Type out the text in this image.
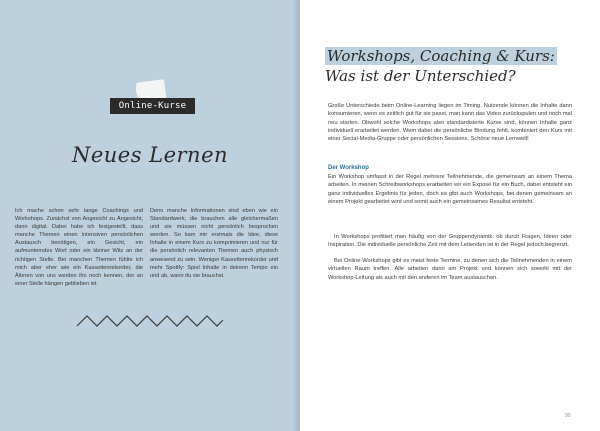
Online-Kurse
Neues Lernen
Ich mache schon sehr lange Coachings und Workshops. Zunächst von Angesicht zu Angesicht, dann digital. Dabei habe ich festgestellt, dass manche Themen einen intensiven persönlichen Austausch benötigen, ein Gesicht, ein aufmunterndes Wort oder ein kleiner Witz an der richtigen Stelle. Bei manchen Themen fühlte ich mich aber eher wie ein Kassettenrekorder, die Älteren von uns werden ihn noch kennen, der an einer Stelle hängen geblieben ist.
Denn manche Informationen sind eben wie ein Standardwerk, die brauchen alle gleichermaßen und sie müssen nicht persönlich besprochen werden. So kam mir erstmals die Idee, diese Inhalte in einem Kurs zu komprimieren und nur für die persönlich relevanten Themen auch physisch anwesend zu sein. Weniger Kassettenrekorder und mehr Spotify: Spiel Inhalte in deinem Tempo ein und ab, wann du sie brauchst.
Workshops, Coaching & Kurs:
Was ist der Unterschied?
Große Unterschiede beim Online-Learning liegen im Timing. Nutzende können die Inhalte dann konsumieren, wenn es zeitlich gut für sie passt, man kann das Video zurückspulen und noch mal neu starten. Obwohl solche Workshops also standardisierte Kurse sind, können Inhalte ganz individuell erarbeitet werden. Wem dabei die persönliche Bindung fehlt, kombiniert den Kurs mit einer Social-Media-Gruppe oder persönlichen Sessions. Schöne neue Lernwelt!
Der Workshop
Ein Workshop umfasst in der Regel mehrere Teilnehmende, die gemeinsam an einem Thema arbeiten. In meinen Schreibworkshops erarbeiten wir ein Exposé für ein Buch, dabei entsteht ein ganz individuelles Ergebnis für jeden, doch es gibt auch Workshops, bei denen gemeinsam an einem Projekt gearbeitet wird und somit auch ein gemeinsames Resultat entsteht.
In Workshops profitiert man häufig von der Gruppendynamik: ob durch Fragen, Ideen oder Inspiration. Die individuelle persönliche Zeit mit dem Leitenden ist in der Regel jedoch begrenzt.
Bei Online-Workshops gibt es meist feste Termine, zu denen sich die Teilnehmenden in einem virtuellen Raum treffen. Alle arbeiten dann am Projekt und können sich sowohl mit der Workshop-Leitung als auch mit den anderen im Team austauschen.
90
